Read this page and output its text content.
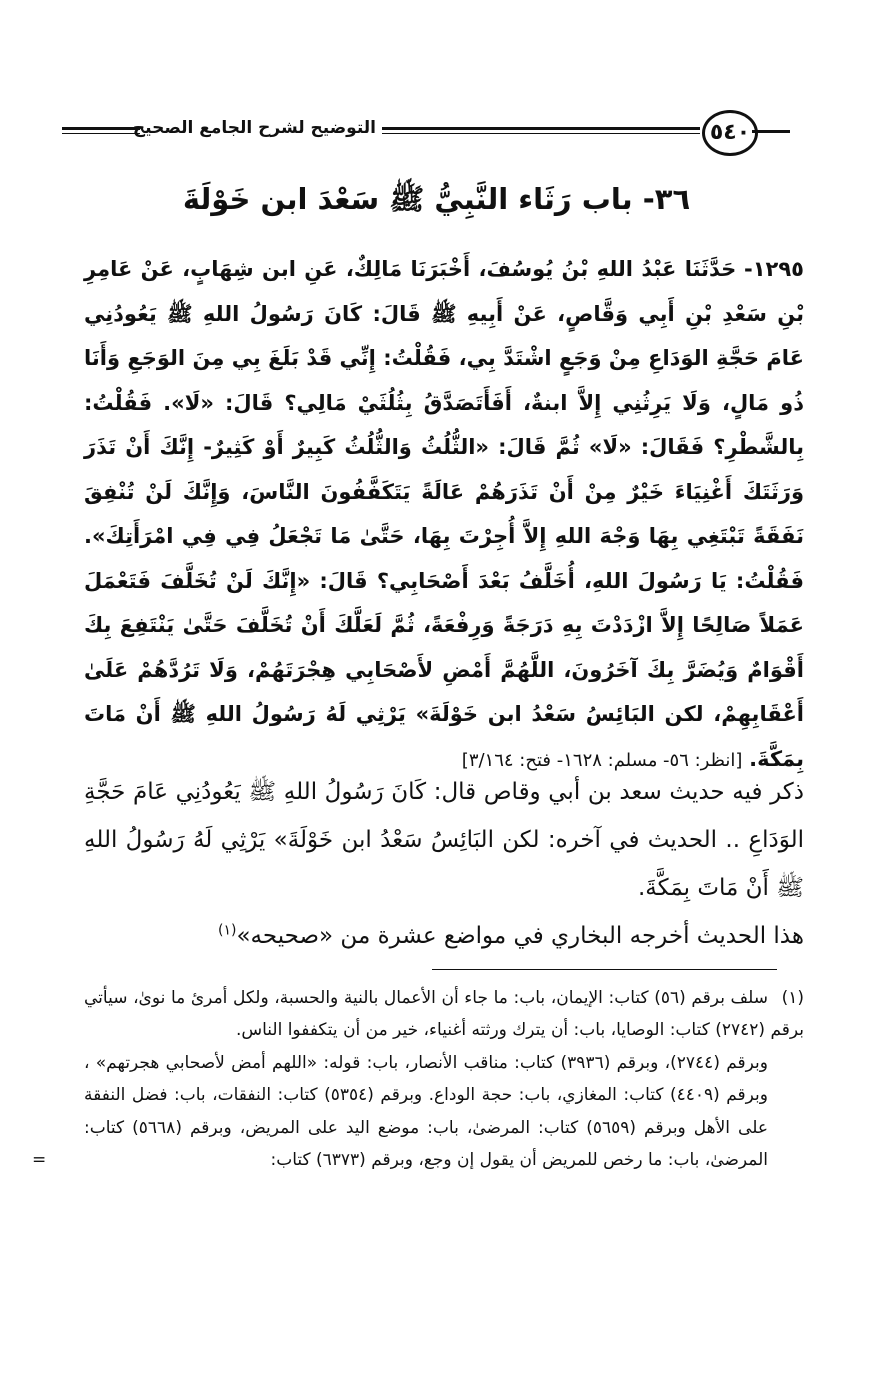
التوضيح لشرح الجامع الصحيح	٥٤٠
٣٦- باب رَثَاء النَّبِيُّ ﷺ سَعْدَ ابن خَوْلَةَ
١٢٩٥- حَدَّثَنَا عَبْدُ اللهِ بْنُ يُوسُفَ، أَخْبَرَنَا مَالِكٌ، عَنِ ابن شِهَابٍ، عَنْ عَامِرِ بْنِ سَعْدِ بْنِ أَبِي وَقَّاصٍ، عَنْ أَبِيهِ ﷺ قَالَ: كَانَ رَسُولُ اللهِ ﷺ يَعُودُنِي عَامَ حَجَّةِ الوَدَاعِ مِنْ وَجَعٍ اشْتَدَّ بِي، فَقُلْتُ: إِنِّي قَدْ بَلَغَ بِي مِنَ الوَجَعِ وَأَنَا ذُو مَالٍ، وَلَا يَرِثُنِي إِلاَّ ابنةٌ، أَفَأَتَصَدَّقُ بِثُلُثَيْ مَالِي؟ قَالَ: «لَا». فَقُلْتُ: بِالشَّطْرِ؟ فَقَالَ: «لَا» ثُمَّ قَالَ: «الثُّلُثُ وَالثُّلُثُ كَبِيرٌ أَوْ كَثِيرٌ- إِنَّكَ أَنْ تَذَرَ وَرَثَتَكَ أَغْنِيَاءَ خَيْرٌ مِنْ أَنْ تَذَرَهُمْ عَالَةً يَتَكَفَّفُونَ النَّاسَ، وَإِنَّكَ لَنْ تُنْفِقَ نَفَقَةً تَبْتَغِي بِهَا وَجْهَ اللهِ إِلاَّ أُجِرْتَ بِهَا، حَتَّىٰ مَا تَجْعَلُ فِي فِي امْرَأَتِكَ». فَقُلْتُ: يَا رَسُولَ اللهِ، أُخَلَّفُ بَعْدَ أَصْحَابِي؟ قَالَ: «إِنَّكَ لَنْ تُخَلَّفَ فَتَعْمَلَ عَمَلاً صَالِحًا إِلاَّ ازْدَدْتَ بِهِ دَرَجَةً وَرِفْعَةً، ثُمَّ لَعَلَّكَ أَنْ تُخَلَّفَ حَتَّىٰ يَنْتَفِعَ بِكَ أَقْوَامٌ وَيُضَرَّ بِكَ آخَرُونَ، اللَّهُمَّ أَمْضِ لأَصْحَابِي هِجْرَتَهُمْ، وَلَا تَرُدَّهُمْ عَلَىٰ أَعْقَابِهِمْ، لكن البَائِسُ سَعْدُ ابن خَوْلَةَ» يَرْثِي لَهُ رَسُولُ اللهِ ﷺ أَنْ مَاتَ بِمَكَّةَ. [انظر: ٥٦- مسلم: ١٦٢٨- فتح: ٣/١٦٤]
ذكر فيه حديث سعد بن أبي وقاص قال: كَانَ رَسُولُ اللهِ ﷺ يَعُودُنِي عَامَ حَجَّةِ الوَدَاعِ .. الحديث في آخره: لكن البَائِسُ سَعْدُ ابن خَوْلَةَ» يَرْثِي لَهُ رَسُولُ اللهِ ﷺ أَنْ مَاتَ بِمَكَّةَ.
هذا الحديث أخرجه البخاري في مواضع عشرة من «صحيحه»$^{(١)}$

(١)سلف برقم (٥٦) كتاب: الإيمان، باب: ما جاء أن الأعمال بالنية والحسبة، ولكل أمرئ ما نوىٰ، سيأتي برقم (٢٧٤٢) كتاب: الوصايا، باب: أن يترك ورثته أغنياء، خير من أن يتكففوا الناس.

وبرقم (٢٧٤٤)، وبرقم (٣٩٣٦) كتاب: مناقب الأنصار، باب: قوله: «اللهم أمض لأصحابي هجرتهم» ، وبرقم (٤٤٠٩) كتاب: المغازي، باب: حجة الوداع. وبرقم (٥٣٥٤) كتاب: النفقات، باب: فضل النفقة على الأهل وبرقم (٥٦٥٩) كتاب: المرضىٰ، باب: موضع اليد على المريض، وبرقم (٥٦٦٨) كتاب: المرضىٰ، باب: ما رخص للمريض أن يقول إن وجع، وبرقم (٦٣٧٣) كتاب:

=
